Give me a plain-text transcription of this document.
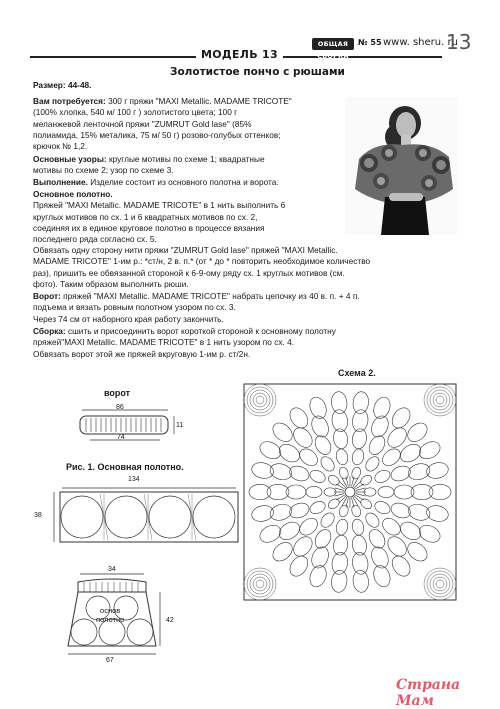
ОБЩАЯ СБОРКА
№ 55 www. sheru. ru
13
МОДЕЛЬ 13
Золотистое пончо с рюшами
Размер: 44-48.
Вам потребуется: 300 г пряжи "MAXI Metallic. MADAME TRICOTE"
(100% хлопка, 540 м/ 100 г ) золотистого цвета; 100 г
меланжевой ленточной пряжи "ZUMRUT Gold lase" (85%
полиамида, 15% металика, 75 м/ 50 г) розово-голубых оттенков;
крючок № 1,2.
Основные узоры: круглые мотивы по схеме 1; квадратные
мотивы по схеме 2; узор по схеме 3.
Выполнение. Изделие состоит из основного полотна и ворота.
Основное полотно.
Пряжей "MAXI Metallic. MADAME TRICOTE" в 1 нить выполнить 6
круглых мотивов по сх. 1 и 6 квадратных мотивов по сх. 2,
соединяя их в единое круговое полотно в процессе вязания
последнего ряда согласно сх. 5.
Обвязать одну сторону нити пряжи "ZUMRUT Gold lase" пряжей "MAXI Metallic.
MADAME TRICOTE" 1-им р.: *ст/н, 2 в. п.* (от * до * повторить необходимое количество
раз), пришить ее обвязанной стороной к 6-9-ому ряду сх. 1 круглых мотивов (см.
фото). Таким образом выполнить рюши.
Ворот: пряжей "MAXI Metallic. MADAME TRICOTE" набрать цепочку из 40 в. п. + 4 п.
подъема и вязать ровным полотном узором по сх. 3.
Через 74 см от наборного края работу закончить.
Сборка: сшить и присоединить ворот короткой стороной к основному полотну
пряжей"MAXI Metallic. MADAME TRICOTE" в 1 нить узором по сх. 4.
Обвязать ворот этой же пряжей вкруговую 1-им р. ст/2н.
ворот
86
74
11
Рис. 1. Основная полотно.
134
38
34
основ
полотно	42
67
Схема 2.
Страна Мам
